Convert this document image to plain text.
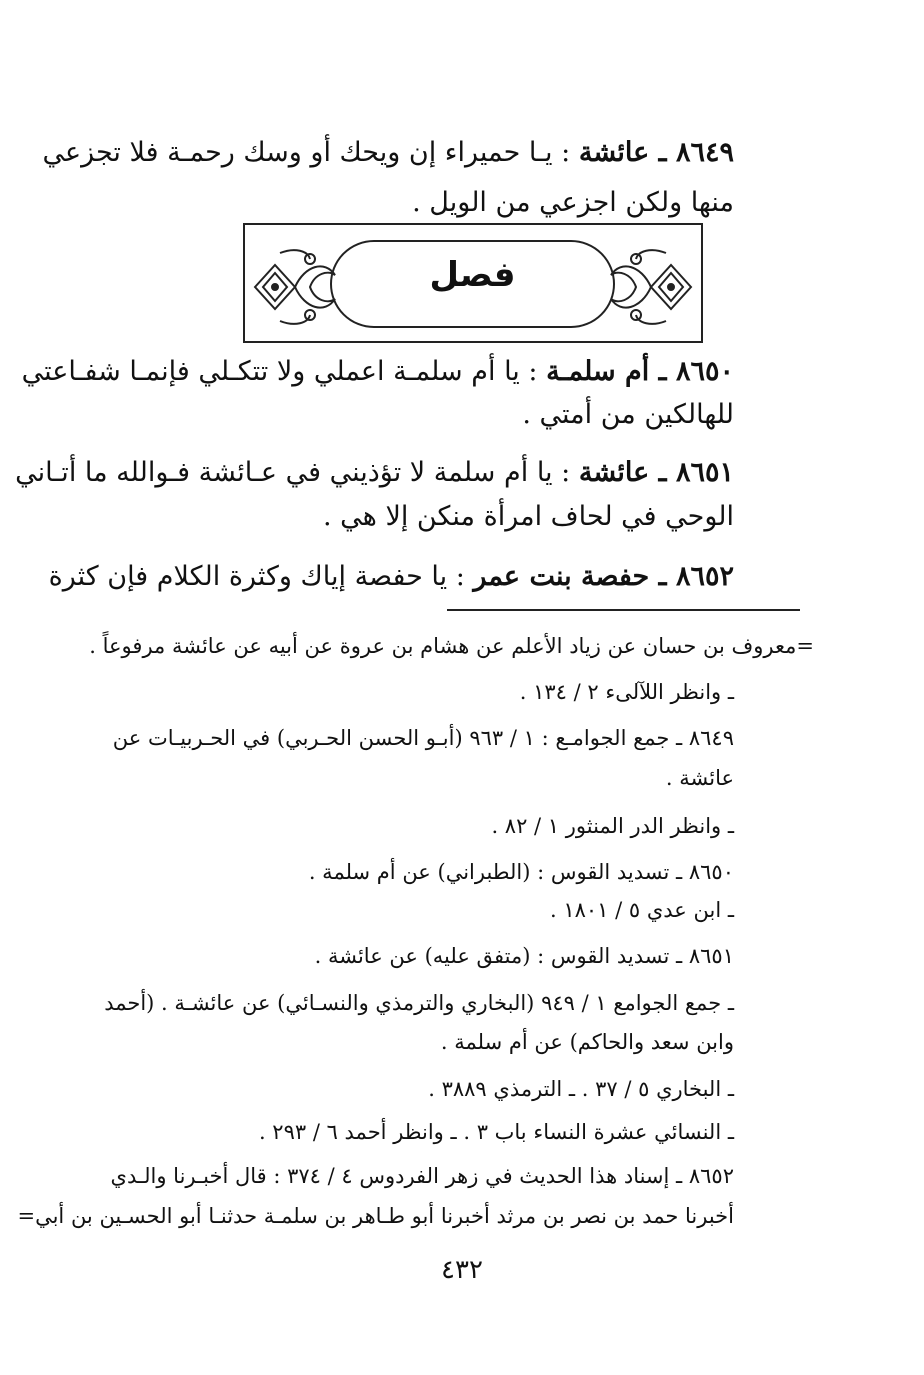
٨٦٤٩ ـ عائشة : يـا حميراء إن ويحك أو وسك رحمـة فلا تجزعي
منها ولكن اجزعي من الويل .
فصل
٨٦٥٠ ـ أم سلمـة : يا أم سلمـة اعملي ولا تتكـلي فإنمـا شفـاعتي
للهالكين من أمتي .
٨٦٥١ ـ عائشة : يا أم سلمة لا تؤذيني في عـائشة فـوالله ما أتـاني
الوحي في لحاف امرأة منكن إلا هي .
٨٦٥٢ ـ حفصة بنت عمر : يا حفصة إياك وكثرة الكلام فإن كثرة
=معروف بن حسان عن زياد الأعلم عن هشام بن عروة عن أبيه عن عائشة مرفوعاً .
ـ وانظر اللآلىء ٢ / ١٣٤ .
٨٦٤٩ ـ جمع الجوامـع : ١ / ٩٦٣ (أبـو الحسن الحـربي) في الحـربيـات عن
عائشة .
ـ وانظر الدر المنثور ١ / ٨٢ .
٨٦٥٠ ـ تسديد القوس : (الطبراني) عن أم سلمة .
ـ ابن عدي ٥ / ١٨٠١ .
٨٦٥١ ـ تسديد القوس : (متفق عليه) عن عائشة .
ـ جمع الجوامع ١ / ٩٤٩ (البخاري والترمذي والنسـائي) عن عائشـة . (أحمد
وابن سعد والحاكم) عن أم سلمة .
ـ البخاري ٥ / ٣٧ . ـ الترمذي ٣٨٨٩ .
ـ النسائي عشرة النساء باب ٣ . ـ وانظر أحمد ٦ / ٢٩٣ .
٨٦٥٢ ـ إسناد هذا الحديث في زهر الفردوس ٤ / ٣٧٤ : قال أخبـرنا والـدي
أخبرنا حمد بن نصر بن مرثد أخبرنا أبو طـاهر بن سلمـة حدثنـا أبو الحسـين بن أبي=
٤٣٢
